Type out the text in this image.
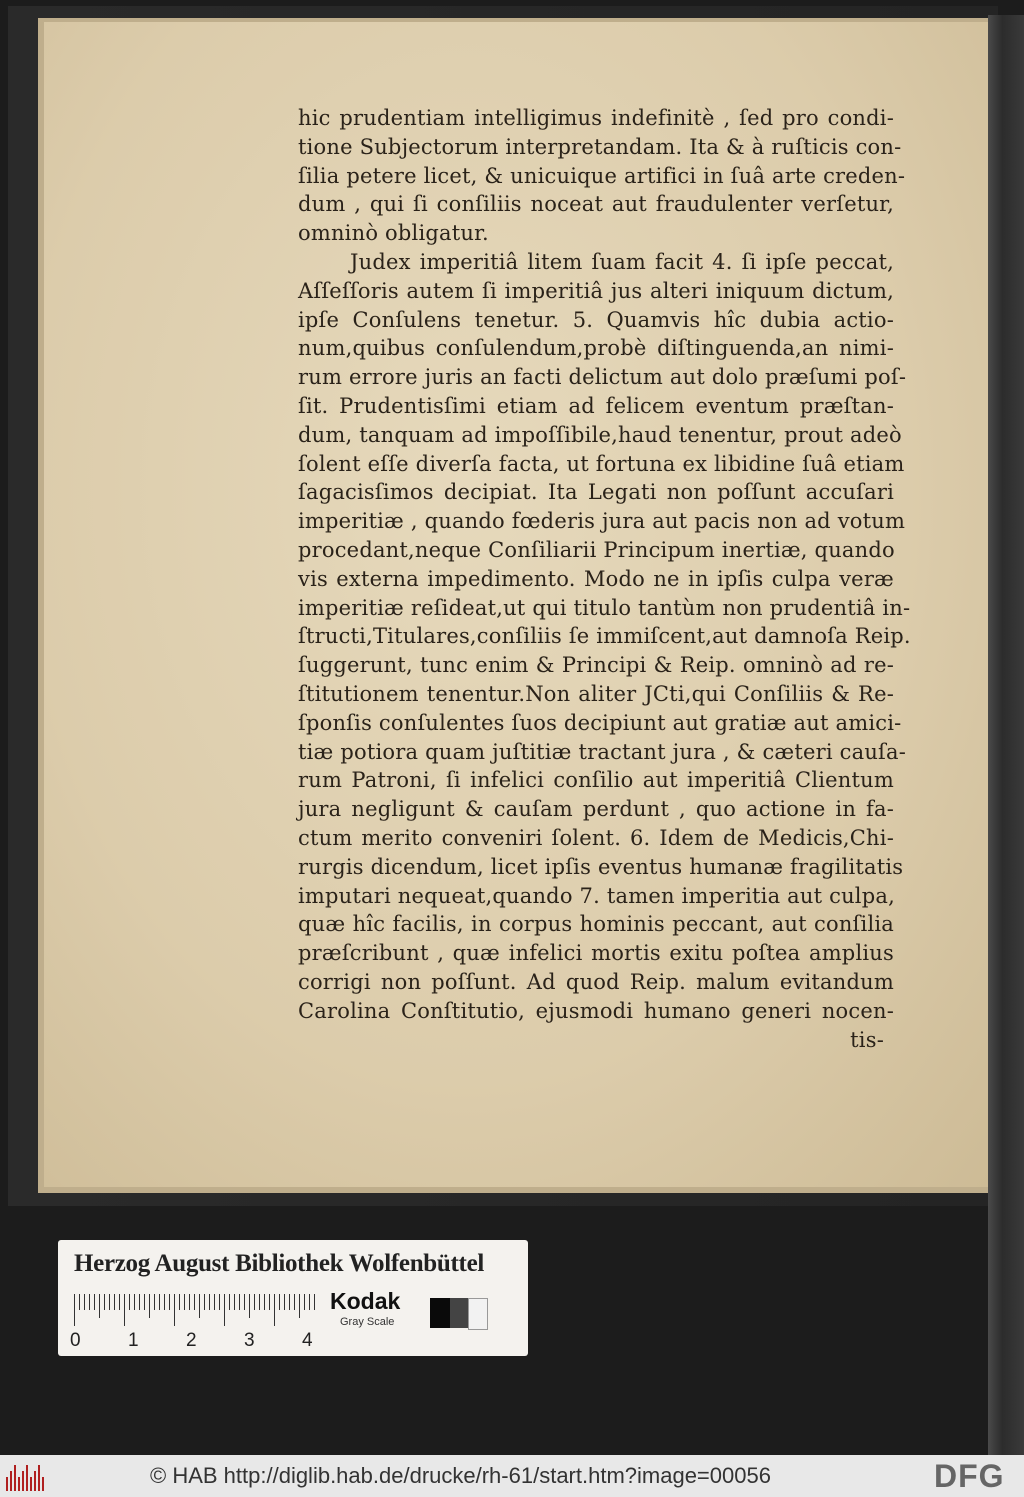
hic prudentiam intelligimus indefinitè , ſed pro condi-
tione Subjectorum interpretandam. Ita & à ruſticis con-
ſilia petere licet, & unicuique artifici in ſuâ arte creden-
dum , qui ſi conſiliis noceat aut fraudulenter verſetur,
omninò obligatur.
Judex imperitiâ litem ſuam facit 4. ſi ipſe peccat,
Aſſeſſoris autem ſi imperitiâ jus alteri iniquum dictum,
ipſe Conſulens tenetur. 5. Quamvis hîc dubia actio-
num,quibus conſulendum,probè diſtinguenda,an nimi-
rum errore juris an facti delictum aut dolo præſumi poſ-
ſit. Prudentisſimi etiam ad felicem eventum præſtan-
dum, tanquam ad impoſſibile,haud tenentur, prout adeò
ſolent eſſe diverſa facta, ut fortuna ex libidine ſuâ etiam
ſagacisſimos decipiat. Ita Legati non poſſunt accuſari
imperitiæ , quando fœderis jura aut pacis non ad votum
procedant,neque Conſiliarii Principum inertiæ, quando
vis externa impedimento. Modo ne in ipſis culpa veræ
imperitiæ reſideat,ut qui titulo tantùm non prudentiâ in-
ſtructi,Titulares,conſiliis ſe immiſcent,aut damnoſa Reip.
ſuggerunt, tunc enim & Principi & Reip. omninò ad re-
ſtitutionem tenentur.Non aliter JCti,qui Conſiliis & Re-
ſponſis conſulentes ſuos decipiunt aut gratiæ aut amici-
tiæ potiora quam juſtitiæ tractant jura , & cæteri cauſa-
rum Patroni, ſi infelici conſilio aut imperitiâ Clientum
jura negligunt & cauſam perdunt , quo actione in fa-
ctum merito conveniri ſolent. 6. Idem de Medicis,Chi-
rurgis dicendum, licet ipſis eventus humanæ fragilitatis
imputari nequeat,quando 7. tamen imperitia aut culpa,
quæ hîc facilis, in corpus hominis peccant, aut conſilia
præſcribunt , quæ infelici mortis exitu poſtea amplius
corrigi non poſſunt. Ad quod Reip. malum evitandum
Carolina Conſtitutio, ejusmodi humano generi nocen-
tis-
Herzog August Bibliothek Wolfenbüttel
0 1 2 3 4
Kodak
Gray Scale
© HAB http://diglib.hab.de/drucke/rh-61/start.htm?image=00056	DFG
